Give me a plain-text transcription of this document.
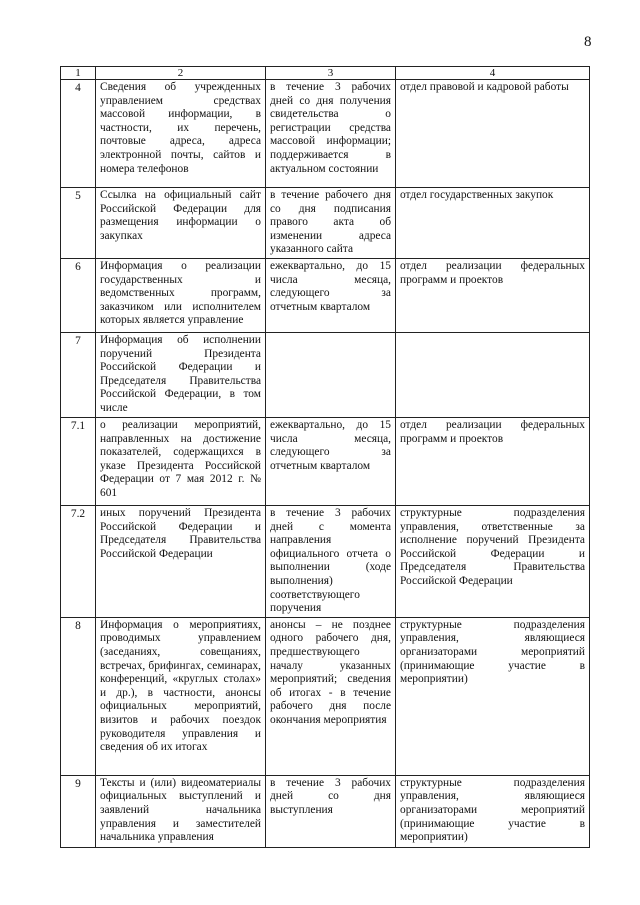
8
1	2	3	4
4	Сведения об учрежденных управлением средствах массовой информации, в частности, их перечень, почтовые адреса, адреса электронной почты, сайтов и номера телефонов	в течение 3 рабочих дней со дня получения свидетельства о регистрации средства массовой информации; поддерживается в актуальном состоянии	отдел правовой и кадровой работы
5	Ссылка на официальный сайт Российской Федерации для размещения информации о закупках	в течение рабочего дня со дня подписания правого акта об изменении адреса указанного сайта	отдел государственных закупок
6	Информация о реализации государственных и ведомственных программ, заказчиком или исполнителем которых является управление	ежеквартально, до 15 числа месяца, следующего за отчетным кварталом	отдел реализации федеральных программ и проектов
7	Информация об исполнении поручений Президента Российской Федерации и Председателя Правительства Российской Федерации, в том числе		
7.1	о реализации мероприятий, направленных на достижение показателей, содержащихся в указе Президента Российской Федерации от 7 мая 2012 г. № 601	ежеквартально, до 15 числа месяца, следующего за отчетным кварталом	отдел реализации федеральных программ и проектов
7.2	иных поручений Президента Российской Федерации и Председателя Правительства Российской Федерации	в течение 3 рабочих дней с момента направления официального отчета о выполнении (ходе выполнения) соответствующего поручения	структурные подразделения управления, ответственные за исполнение поручений Президента Российской Федерации и Председателя Правительства Российской Федерации
8	Информация о мероприятиях, проводимых управлением (заседаниях, совещаниях, встречах, брифингах, семинарах, конференций, «круглых столах» и др.), в частности, анонсы официальных мероприятий, визитов и рабочих поездок руководителя управления и сведения об их итогах	анонсы – не позднее одного рабочего дня, предшествующего началу указанных мероприятий; сведения об итогах - в течение рабочего дня после окончания мероприятия	структурные подразделения управления, являющиеся организаторами мероприятий (принимающие участие в мероприятии)
9	Тексты и (или) видеоматериалы официальных выступлений и заявлений начальника управления и заместителей начальника управления	в течение 3 рабочих дней со дня выступления	структурные подразделения управления, являющиеся организаторами мероприятий (принимающие участие в мероприятии)
